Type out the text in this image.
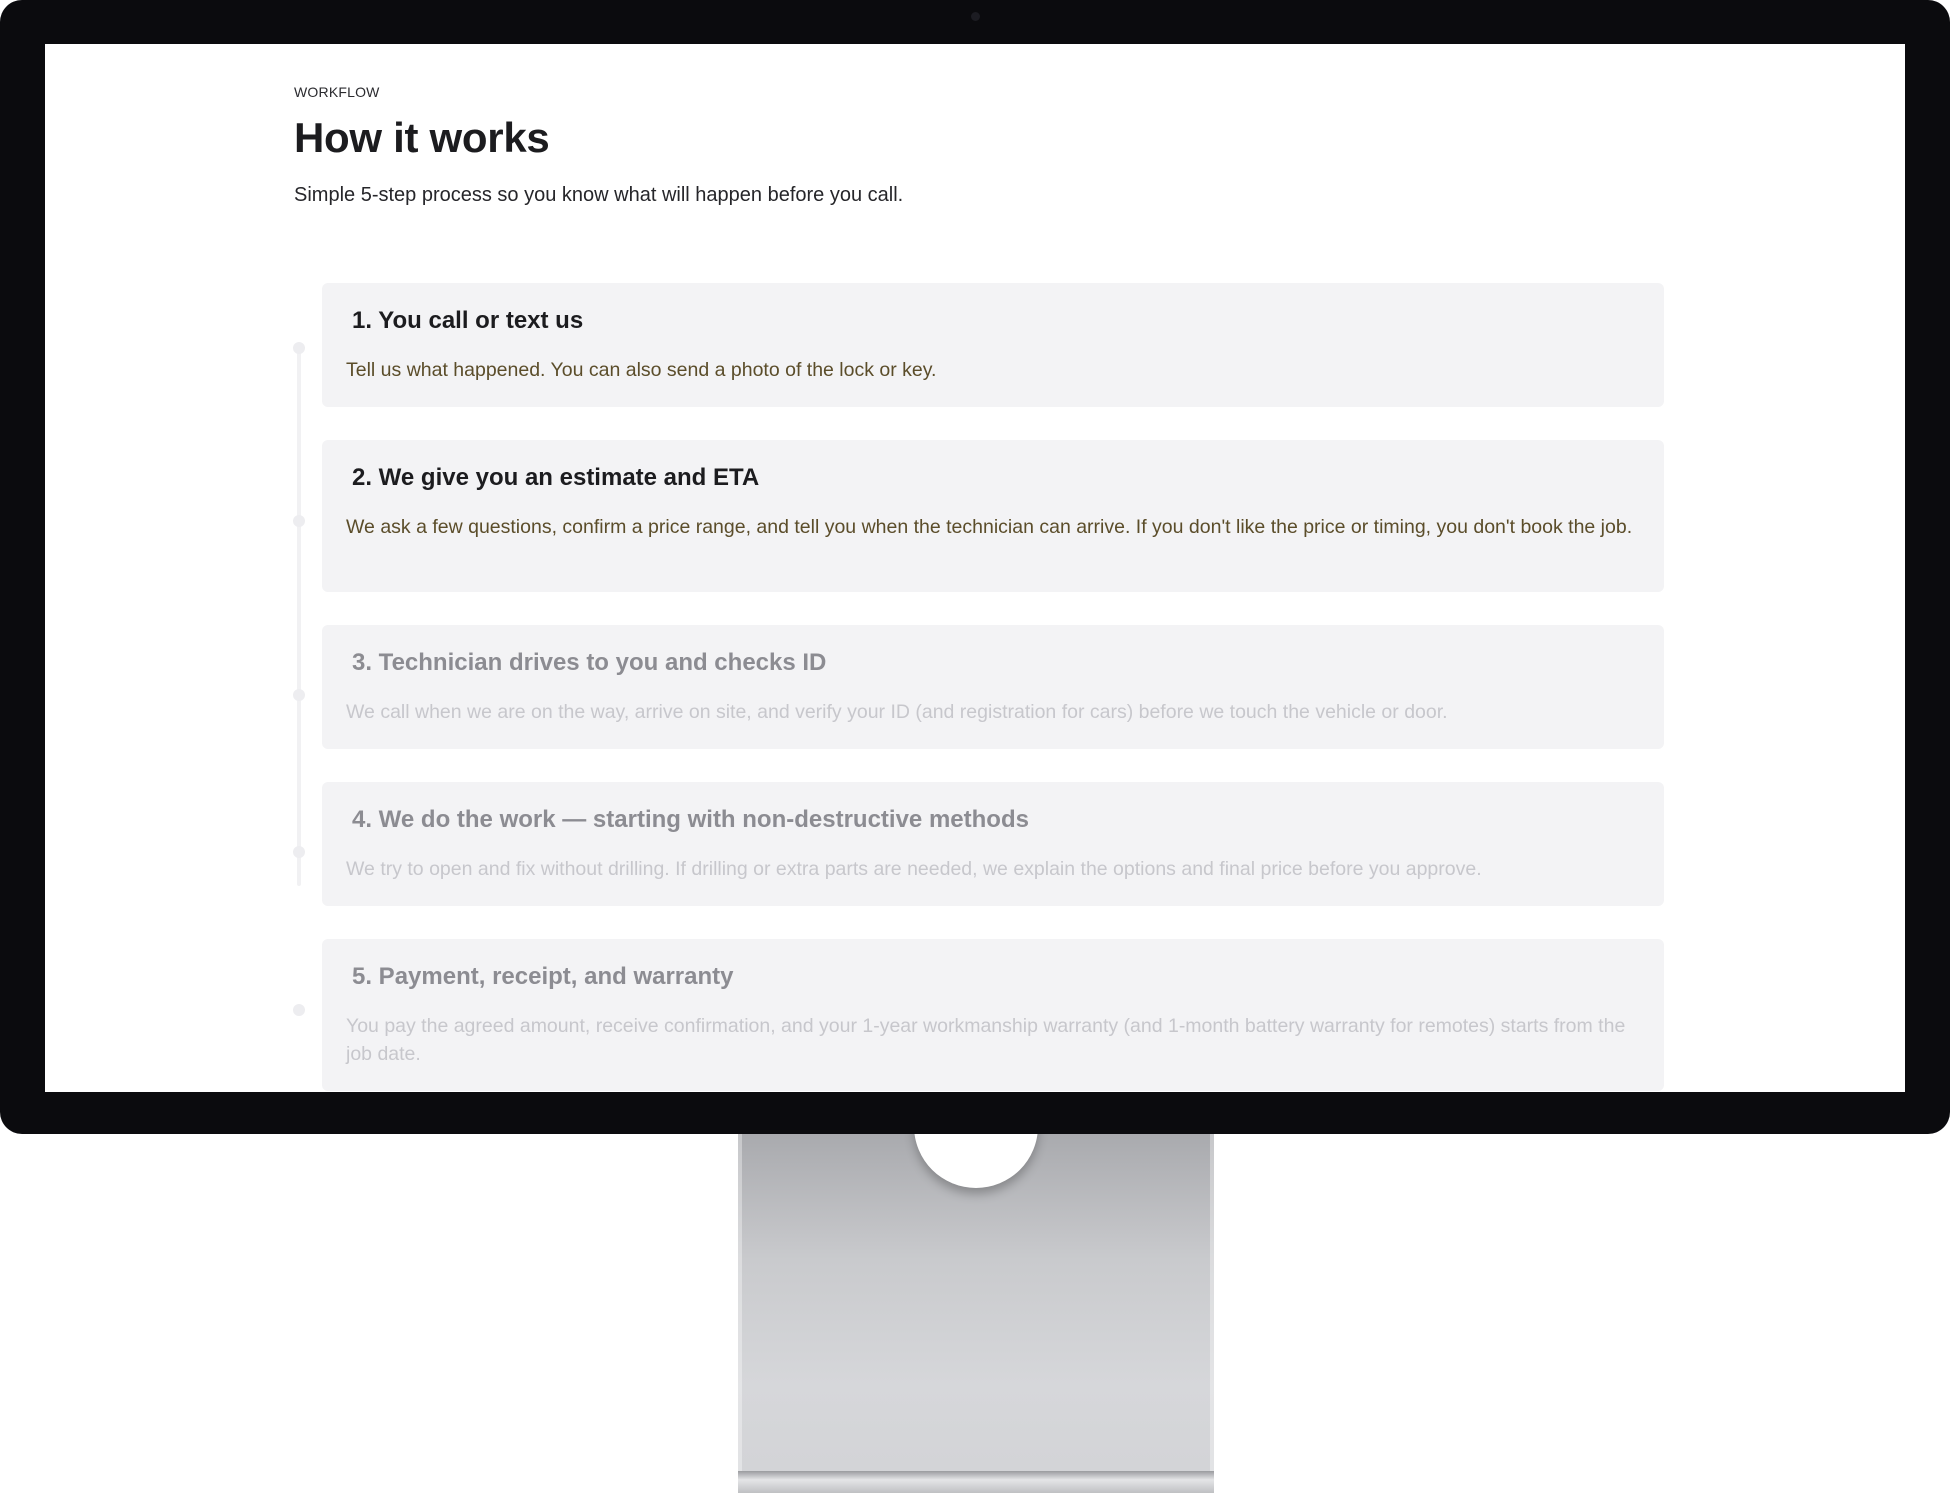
WORKFLOW

How it works

Simple 5-step process so you know what will happen before you call.

1. You call or text us

Tell us what happened. You can also send a photo of the lock or key.

2. We give you an estimate and ETA

We ask a few questions, confirm a price range, and tell you when the technician can arrive. If you don't like the price or timing, you don't book the job.

3. Technician drives to you and checks ID

We call when we are on the way, arrive on site, and verify your ID (and registration for cars) before we touch the vehicle or door.

4. We do the work — starting with non-destructive methods

We try to open and fix without drilling. If drilling or extra parts are needed, we explain the options and final price before you approve.

5. Payment, receipt, and warranty

You pay the agreed amount, receive confirmation, and your 1-year workmanship warranty (and 1-month battery warranty for remotes) starts from the job date.
